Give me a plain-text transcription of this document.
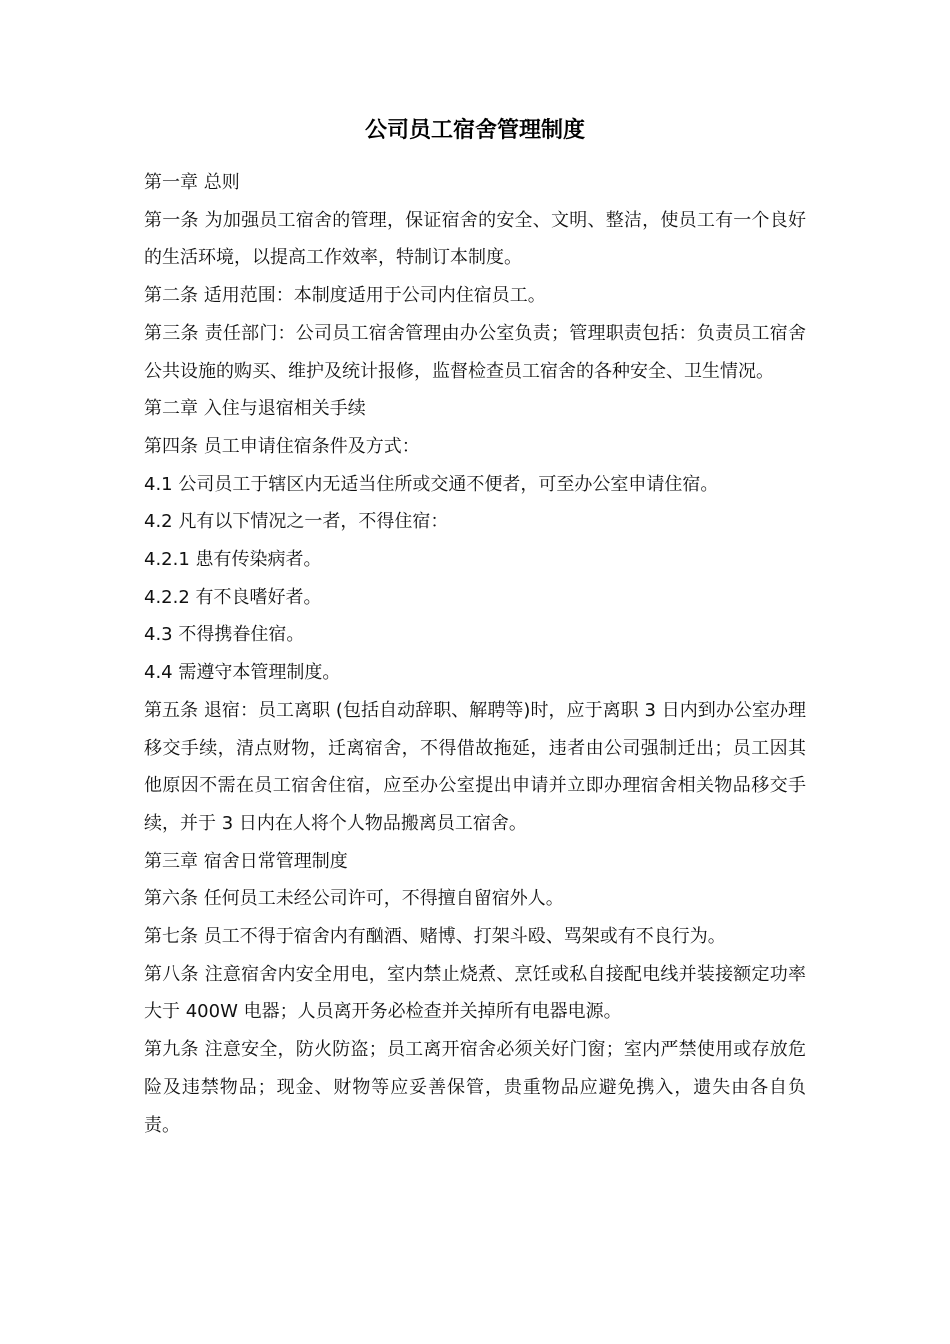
公司员工宿舍管理制度

第一章 总则

第一条 为加强员工宿舍的管理，保证宿舍的安全、文明、整洁，使员工有一个良好的生活环境，以提高工作效率，特制订本制度。

第二条 适用范围：本制度适用于公司内住宿员工。

第三条 责任部门：公司员工宿舍管理由办公室负责；管理职责包括：负责员工宿舍公共设施的购买、维护及统计报修，监督检查员工宿舍的各种安全、卫生情况。

第二章 入住与退宿相关手续

第四条 员工申请住宿条件及方式：

4.1 公司员工于辖区内无适当住所或交通不便者，可至办公室申请住宿。

4.2 凡有以下情况之一者，不得住宿：

4.2.1 患有传染病者。

4.2.2 有不良嗜好者。

4.3 不得携眷住宿。

4.4 需遵守本管理制度。

第五条 退宿：员工离职 (包括自动辞职、解聘等)时，应于离职 3 日内到办公室办理移交手续，清点财物，迁离宿舍，不得借故拖延，违者由公司强制迁出；员工因其他原因不需在员工宿舍住宿，应至办公室提出申请并立即办理宿舍相关物品移交手续，并于 3 日内在人将个人物品搬离员工宿舍。

第三章 宿舍日常管理制度

第六条 任何员工未经公司许可，不得擅自留宿外人。

第七条 员工不得于宿舍内有酗酒、赌博、打架斗殴、骂架或有不良行为。

第八条 注意宿舍内安全用电，室内禁止烧煮、烹饪或私自接配电线并装接额定功率大于 400W 电器；人员离开务必检查并关掉所有电器电源。

第九条 注意安全，防火防盗；员工离开宿舍必须关好门窗；室内严禁使用或存放危险及违禁物品；现金、财物等应妥善保管，贵重物品应避免携入，遗失由各自负责。
